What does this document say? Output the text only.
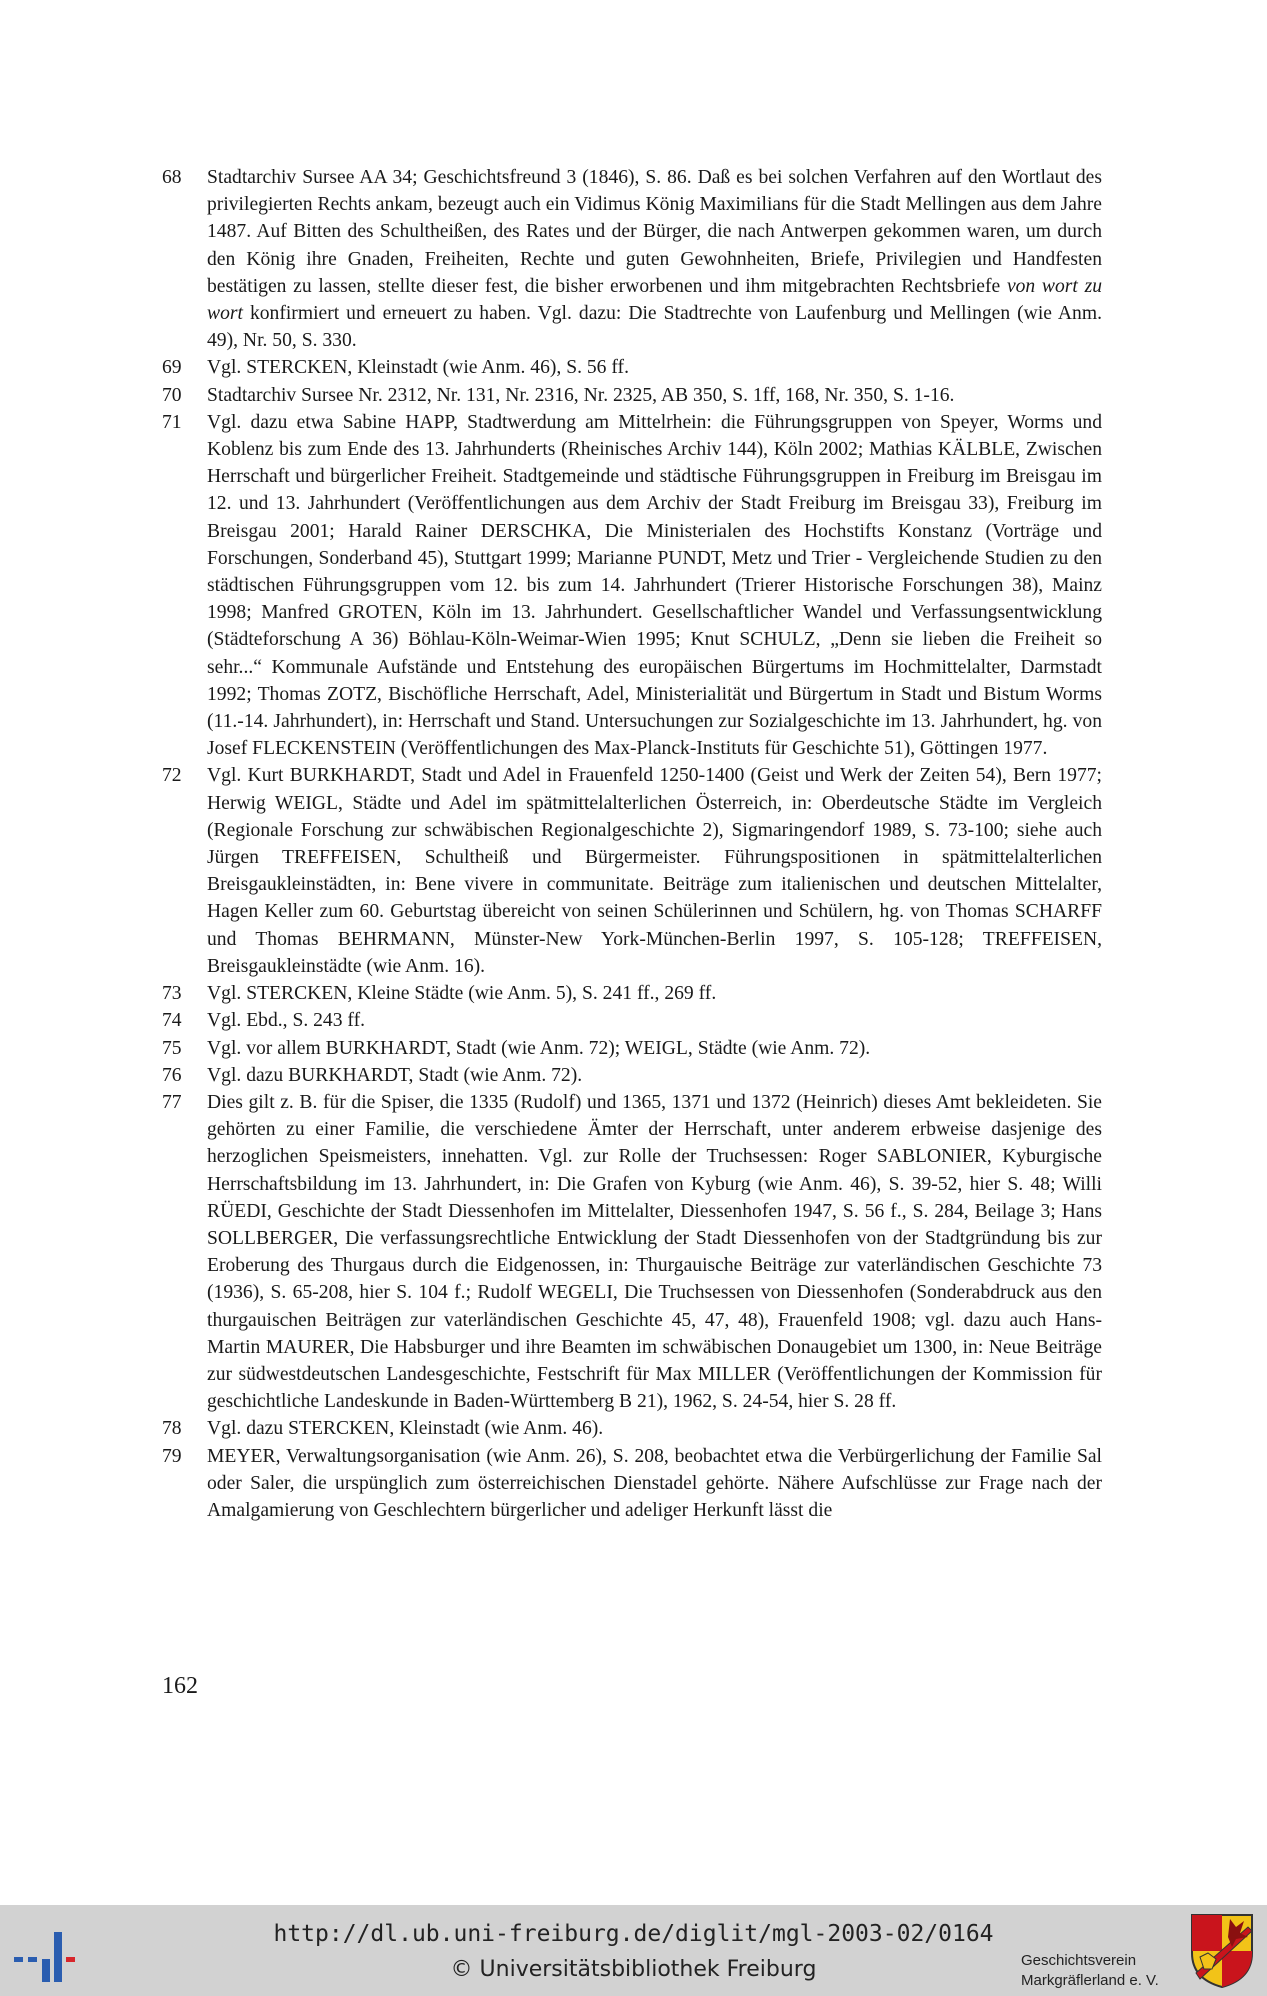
68	Stadtarchiv Sursee AA 34; Geschichtsfreund 3 (1846), S. 86. Daß es bei solchen Verfahren auf den Wortlaut des privilegierten Rechts ankam, bezeugt auch ein Vidimus König Maximilians für die Stadt Mellingen aus dem Jahre 1487. Auf Bitten des Schultheißen, des Rates und der Bürger, die nach Antwerpen gekommen waren, um durch den König ihre Gnaden, Freiheiten, Rechte und guten Gewohnheiten, Briefe, Privilegien und Handfesten bestätigen zu lassen, stellte dieser fest, die bisher erworbenen und ihm mitgebrachten Rechtsbriefe von wort zu wort konfirmiert und erneuert zu haben. Vgl. dazu: Die Stadtrechte von Laufenburg und Mellingen (wie Anm. 49), Nr. 50, S. 330.
69	Vgl. STERCKEN, Kleinstadt (wie Anm. 46), S. 56 ff.
70	Stadtarchiv Sursee Nr. 2312, Nr. 131, Nr. 2316, Nr. 2325, AB 350, S. 1ff, 168, Nr. 350, S. 1-16.
71	Vgl. dazu etwa Sabine HAPP, Stadtwerdung am Mittelrhein: die Führungsgruppen von Speyer, Worms und Koblenz bis zum Ende des 13. Jahrhunderts (Rheinisches Archiv 144), Köln 2002; Mathias KÄLBLE, Zwischen Herrschaft und bürgerlicher Freiheit. Stadtgemeinde und städtische Führungsgruppen in Freiburg im Breisgau im 12. und 13. Jahrhundert (Veröffentlichungen aus dem Archiv der Stadt Freiburg im Breisgau 33), Freiburg im Breisgau 2001; Harald Rainer DERSCHKA, Die Ministerialen des Hochstifts Konstanz (Vorträge und Forschungen, Sonderband 45), Stuttgart 1999; Marianne PUNDT, Metz und Trier - Vergleichende Studien zu den städtischen Führungsgruppen vom 12. bis zum 14. Jahrhundert (Trierer Historische Forschungen 38), Mainz 1998; Manfred GROTEN, Köln im 13. Jahrhundert. Gesellschaftlicher Wandel und Verfassungsentwicklung (Städteforschung A 36) Böhlau-Köln-Weimar-Wien 1995; Knut SCHULZ, „Denn sie lieben die Freiheit so sehr...“ Kommunale Aufstände und Entstehung des europäischen Bürgertums im Hochmittelalter, Darmstadt 1992; Thomas ZOTZ, Bischöfliche Herrschaft, Adel, Ministerialität und Bürgertum in Stadt und Bistum Worms (11.-14. Jahrhundert), in: Herrschaft und Stand. Untersuchungen zur Sozialgeschichte im 13. Jahrhundert, hg. von Josef FLECKENSTEIN (Veröffentlichungen des Max-Planck-Instituts für Geschichte 51), Göttingen 1977.
72	Vgl. Kurt BURKHARDT, Stadt und Adel in Frauenfeld 1250-1400 (Geist und Werk der Zeiten 54), Bern 1977; Herwig WEIGL, Städte und Adel im spätmittelalterlichen Österreich, in: Oberdeutsche Städte im Vergleich (Regionale Forschung zur schwäbischen Regionalgeschichte 2), Sigmaringendorf 1989, S. 73-100; siehe auch Jürgen TREFFEISEN, Schultheiß und Bürgermeister. Führungspositionen in spätmittelalterlichen Breisgaukleinstädten, in: Bene vivere in communitate. Beiträge zum italienischen und deutschen Mittelalter, Hagen Keller zum 60. Geburtstag übereicht von seinen Schülerinnen und Schülern, hg. von Thomas SCHARFF und Thomas BEHRMANN, Münster-New York-München-Berlin 1997, S. 105-128; TREFFEISEN, Breisgaukleinstädte (wie Anm. 16).
73	Vgl. STERCKEN, Kleine Städte (wie Anm. 5), S. 241 ff., 269 ff.
74	Vgl. Ebd., S. 243 ff.
75	Vgl. vor allem BURKHARDT, Stadt (wie Anm. 72); WEIGL, Städte (wie Anm. 72).
76	Vgl. dazu BURKHARDT, Stadt (wie Anm. 72).
77	Dies gilt z. B. für die Spiser, die 1335 (Rudolf) und 1365, 1371 und 1372 (Heinrich) dieses Amt bekleideten. Sie gehörten zu einer Familie, die verschiedene Ämter der Herrschaft, unter anderem erbweise dasjenige des herzoglichen Speismeisters, innehatten. Vgl. zur Rolle der Truchsessen: Roger SABLONIER, Kyburgische Herrschaftsbildung im 13. Jahrhundert, in: Die Grafen von Kyburg (wie Anm. 46), S. 39-52, hier S. 48; Willi RÜEDI, Geschichte der Stadt Diessenhofen im Mittelalter, Diessenhofen 1947, S. 56 f., S. 284, Beilage 3; Hans SOLLBERGER, Die verfassungsrechtliche Entwicklung der Stadt Diessenhofen von der Stadtgründung bis zur Eroberung des Thurgaus durch die Eidgenossen, in: Thurgauische Beiträge zur vaterländischen Geschichte 73 (1936), S. 65-208, hier S. 104 f.; Rudolf WEGELI, Die Truchsessen von Diessenhofen (Sonderabdruck aus den thurgauischen Beiträgen zur vaterländischen Geschichte 45, 47, 48), Frauenfeld 1908; vgl. dazu auch Hans-Martin MAURER, Die Habsburger und ihre Beamten im schwäbischen Donaugebiet um 1300, in: Neue Beiträge zur südwestdeutschen Landesgeschichte, Festschrift für Max MILLER (Veröffentlichungen der Kommission für geschichtliche Landeskunde in Baden-Württemberg B 21), 1962, S. 24-54, hier S. 28 ff.
78	Vgl. dazu STERCKEN, Kleinstadt (wie Anm. 46).
79	MEYER, Verwaltungsorganisation (wie Anm. 26), S. 208, beobachtet etwa die Verbürgerlichung der Familie Sal oder Saler, die urspünglich zum österreichischen Dienstadel gehörte. Nähere Aufschlüsse zur Frage nach der Amalgamierung von Geschlechtern bürgerlicher und adeliger Herkunft lässt die
162
http://dl.ub.uni-freiburg.de/diglit/mgl-2003-02/0164
© Universitätsbibliothek Freiburg	Geschichtsverein
Markgräflerland e. V.
